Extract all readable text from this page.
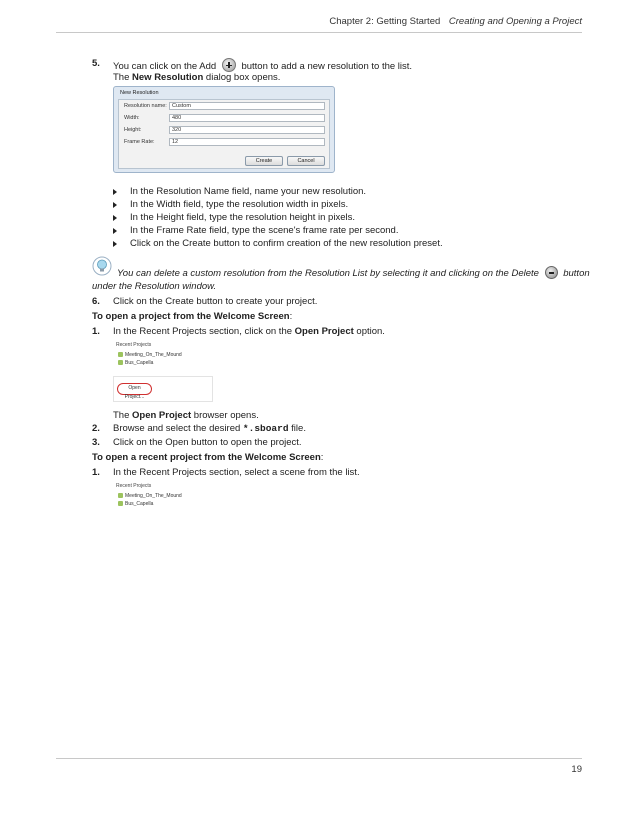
Chapter 2: Getting Started Creating and Opening a Project
5. You can click on the Add	button to add a new resolution to the list.
The New Resolution dialog box opens.
New Resolution
Resolution name: Custom
Width:	480
Height:	320
Frame Rate:	12
Create	Cancel
In the Resolution Name field, name your new resolution.
In the Width field, type the resolution width in pixels.
In the Height field, type the resolution height in pixels.
In the Frame Rate field, type the scene's frame rate per second.
Click on the Create button to confirm creation of the new resolution preset.
You can delete a custom resolution from the Resolution List by selecting it and clicking on the Delete	button
under the Resolution window.
6. Click on the Create button to create your project.
To open a project from the Welcome Screen:
1. In the Recent Projects section, click on the Open Project option.
Recent Projects
Meeting_On_The_Mound
Bus_Capella
Open Project...
The Open Project browser opens.
2. Browse and select the desired *.sboard file.
3. Click on the Open button to open the project.
To open a recent project from the Welcome Screen:
1. In the Recent Projects section, select a scene from the list.
Recent Projects
Meeting_On_The_Mound
Bus_Capella
19
